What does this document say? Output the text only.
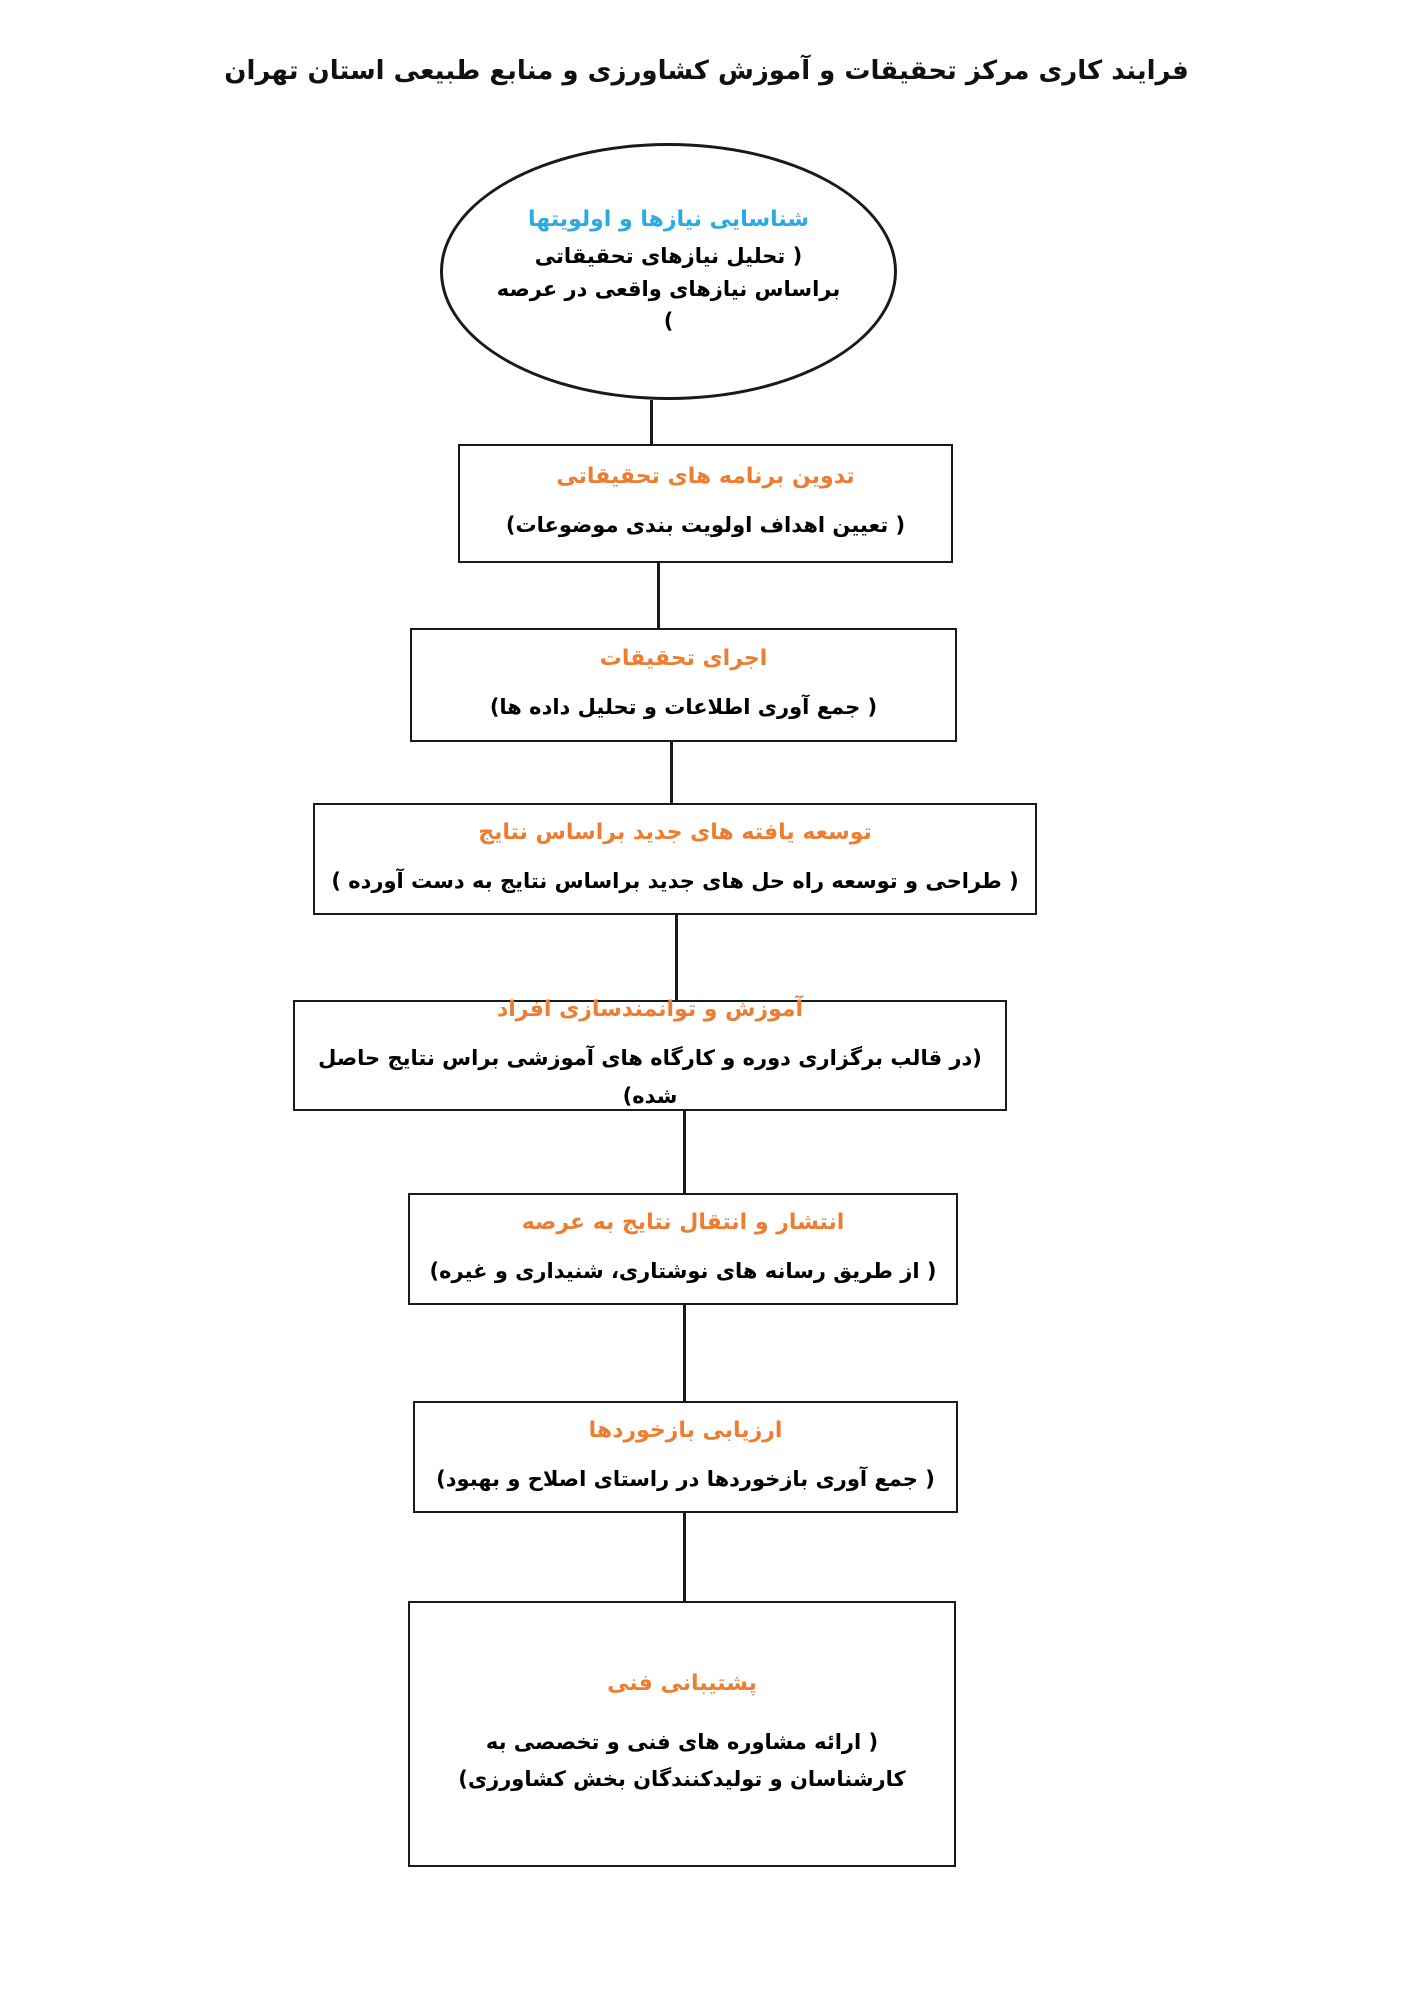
فرایند کاری مرکز تحقیقات و آموزش کشاورزی و منابع طبیعی استان تهران
شناسایی نیازها و اولویتها
( تحلیل نیازهای تحقیقاتی براساس نیازهای واقعی در عرصه )
تدوین برنامه های تحقیقاتی
( تعیین اهداف اولویت بندی موضوعات)
اجرای تحقیقات
( جمع آوری اطلاعات و تحلیل داده ها)
توسعه یافته های جدید براساس نتایج
( طراحی و توسعه راه حل های جدید براساس نتایج به دست آورده )
آموزش و توانمندسازی افراد
(در قالب برگزاری دوره و کارگاه های آموزشی براس نتایج حاصل شده)
انتشار و انتقال نتایج به عرصه
( از طریق رسانه های نوشتاری، شنیداری و غیره)
ارزیابی بازخوردها
( جمع آوری بازخوردها در راستای اصلاح و بهبود)
پشتیبانی فنی
( ارائه مشاوره های فنی و تخصصی به کارشناسان و تولیدکنندگان بخش کشاورزی)
